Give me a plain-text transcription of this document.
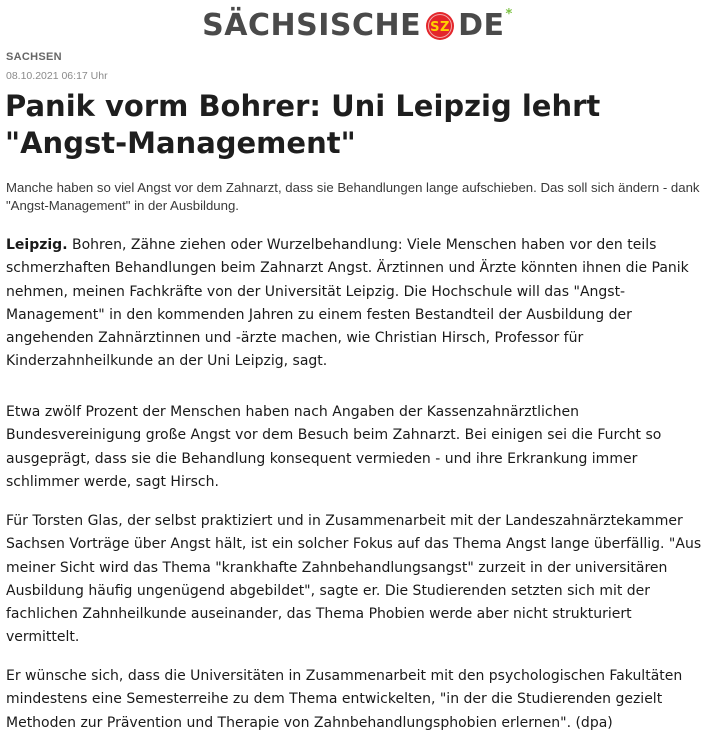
SÄCHSISCHE SZ DE *
SACHSEN
08.10.2021 06:17 Uhr
Panik vorm Bohrer: Uni Leipzig lehrt "Angst-Management"

Manche haben so viel Angst vor dem Zahnarzt, dass sie Behandlungen lange aufschieben. Das soll sich ändern - dank "Angst-Management" in der Ausbildung.

Leipzig. Bohren, Zähne ziehen oder Wurzelbehandlung: Viele Menschen haben vor den teils schmerzhaften Behandlungen beim Zahnarzt Angst. Ärztinnen und Ärzte könnten ihnen die Panik nehmen, meinen Fachkräfte von der Universität Leipzig. Die Hochschule will das "Angst-Management" in den kommenden Jahren zu einem festen Bestandteil der Ausbildung der angehenden Zahnärztinnen und -ärzte machen, wie Christian Hirsch, Professor für Kinderzahnheilkunde an der Uni Leipzig, sagt.

Etwa zwölf Prozent der Menschen haben nach Angaben der Kassenzahnärztlichen Bundesvereinigung große Angst vor dem Besuch beim Zahnarzt. Bei einigen sei die Furcht so ausgeprägt, dass sie die Behandlung konsequent vermieden - und ihre Erkrankung immer schlimmer werde, sagt Hirsch.

Für Torsten Glas, der selbst praktiziert und in Zusammenarbeit mit der Landeszahnärztekammer Sachsen Vorträge über Angst hält, ist ein solcher Fokus auf das Thema Angst lange überfällig. "Aus meiner Sicht wird das Thema "krankhafte Zahnbehandlungsangst" zurzeit in der universitären Ausbildung häufig ungenügend abgebildet", sagte er. Die Studierenden setzten sich mit der fachlichen Zahnheilkunde auseinander, das Thema Phobien werde aber nicht strukturiert vermittelt.

Er wünsche sich, dass die Universitäten in Zusammenarbeit mit den psychologischen Fakultäten mindestens eine Semesterreihe zu dem Thema entwickelten, "in der die Studierenden gezielt Methoden zur Prävention und Therapie von Zahnbehandlungsphobien erlernen". (dpa)
